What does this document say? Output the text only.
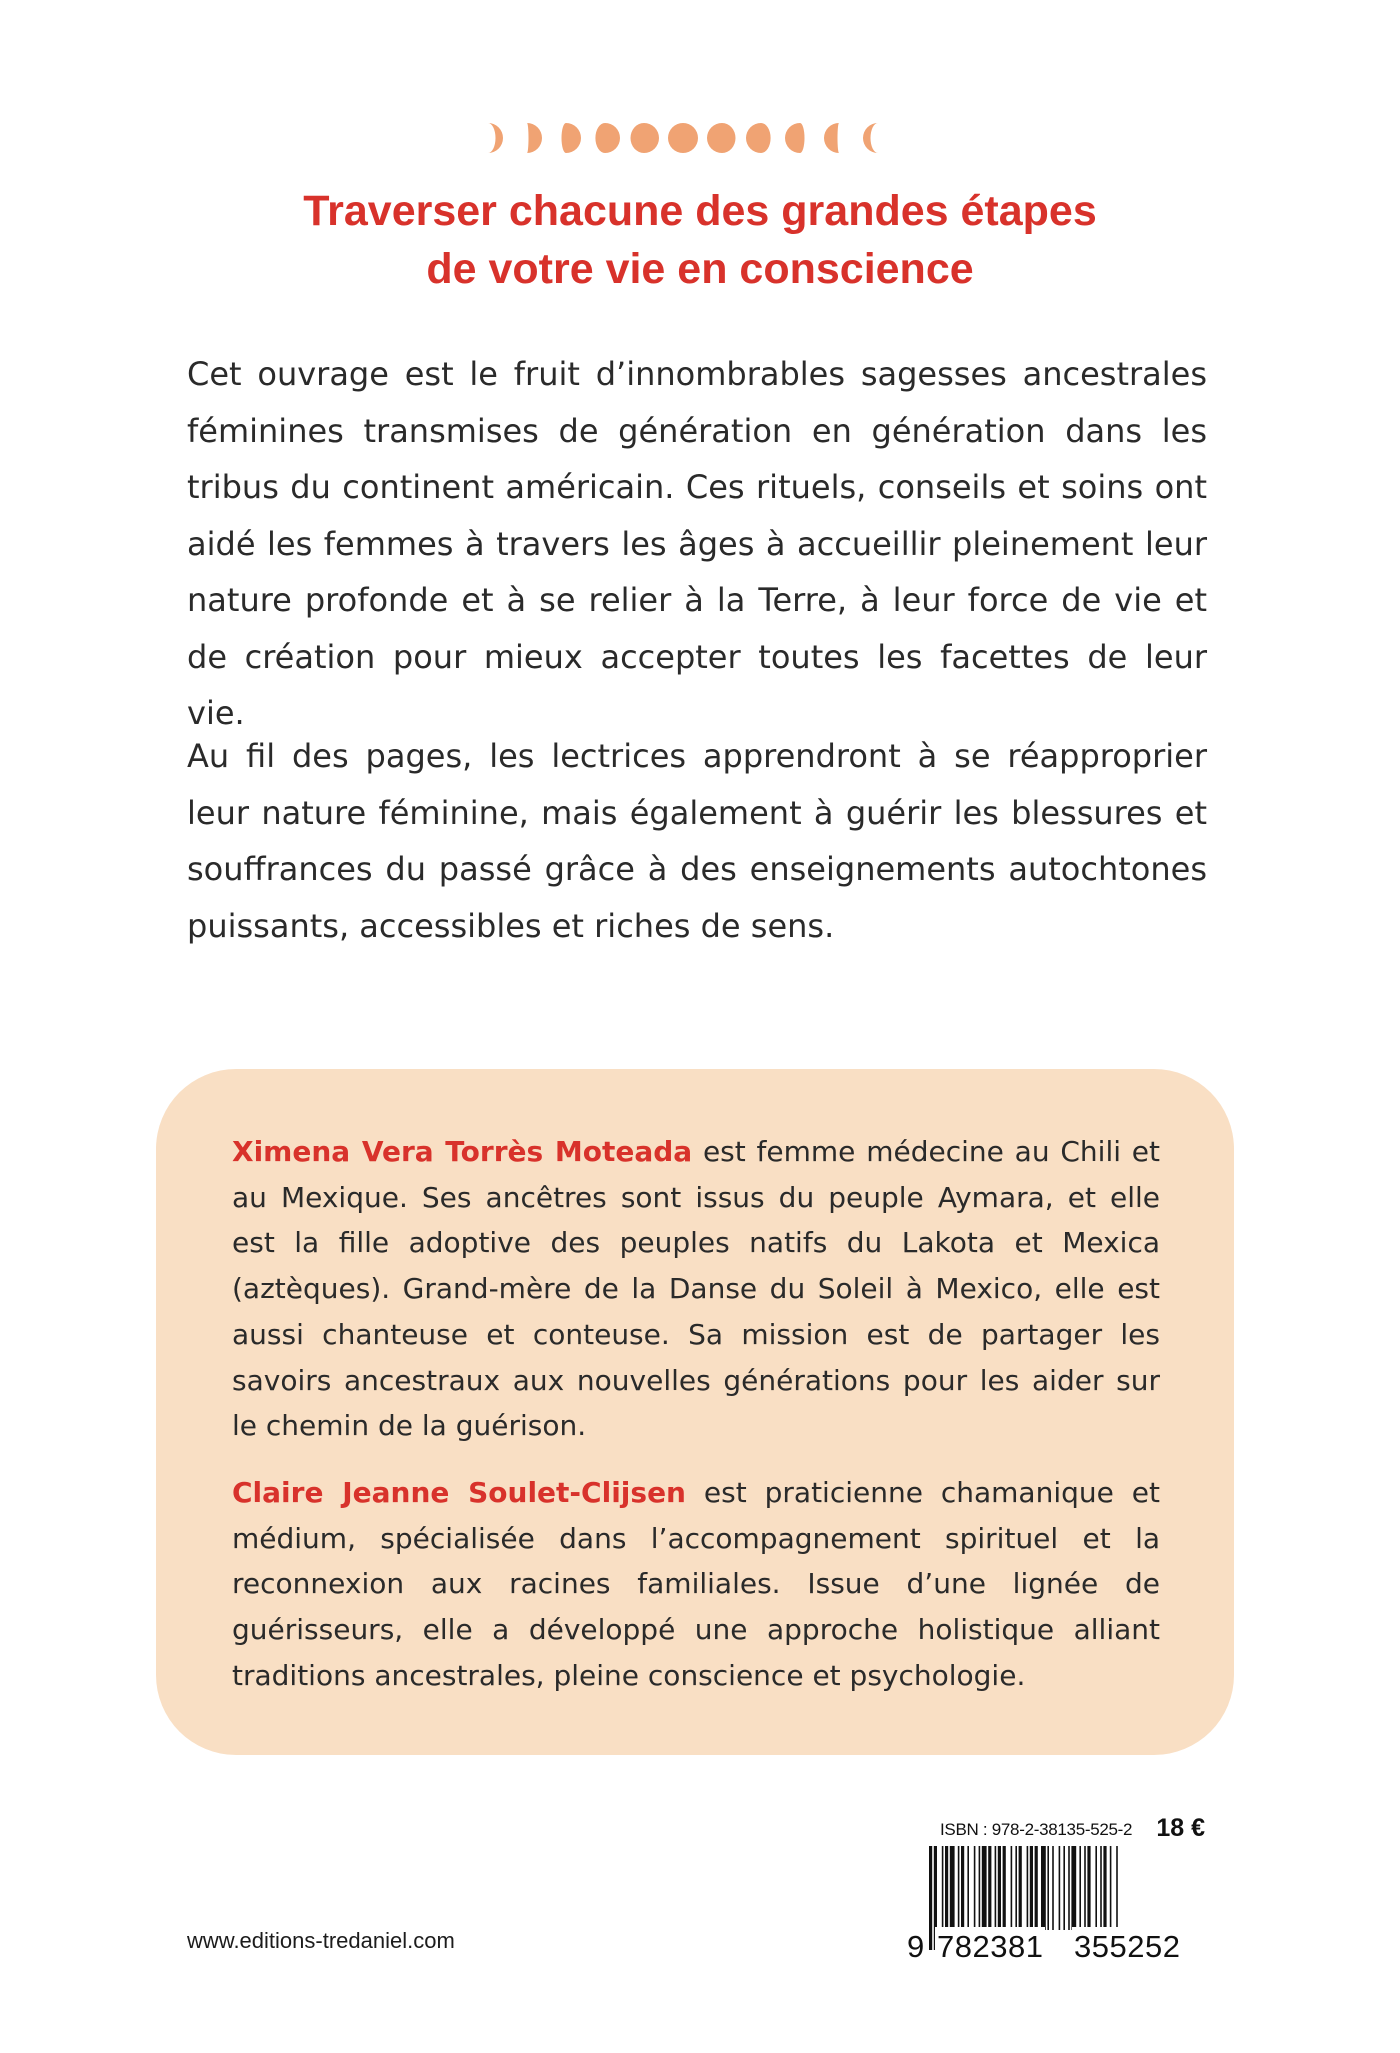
Traverser chacune des grandes étapes
de votre vie en conscience

Cet ouvrage est le fruit d’innombrables sagesses ancestrales féminines transmises de génération en génération dans les tribus du continent américain. Ces rituels, conseils et soins ont aidé les femmes à travers les âges à accueillir pleinement leur nature profonde et à se relier à la Terre, à leur force de vie et de création pour mieux accepter toutes les facettes de leur vie.

Au fil des pages, les lectrices apprendront à se réapproprier leur nature féminine, mais également à guérir les blessures et souffrances du passé grâce à des enseignements autochtones puissants, accessibles et riches de sens.

Ximena Vera Torrès Moteada est femme médecine au Chili et au Mexique. Ses ancêtres sont issus du peuple Aymara, et elle est la fille adoptive des peuples natifs du Lakota et Mexica (aztèques). Grand-mère de la Danse du Soleil à Mexico, elle est aussi chanteuse et conteuse. Sa mission est de partager les savoirs ancestraux aux nouvelles générations pour les aider sur le chemin de la guérison.

Claire Jeanne Soulet-Clijsen est praticienne chamanique et médium, spécialisée dans l’accompagnement spirituel et la reconnexion aux racines familiales. Issue d’une lignée de guérisseurs, elle a développé une approche holistique alliant traditions ancestrales, pleine conscience et psychologie.

ISBN : 978-2-38135-525-2 18 €
9 782381 355252
www.editions-tredaniel.com
